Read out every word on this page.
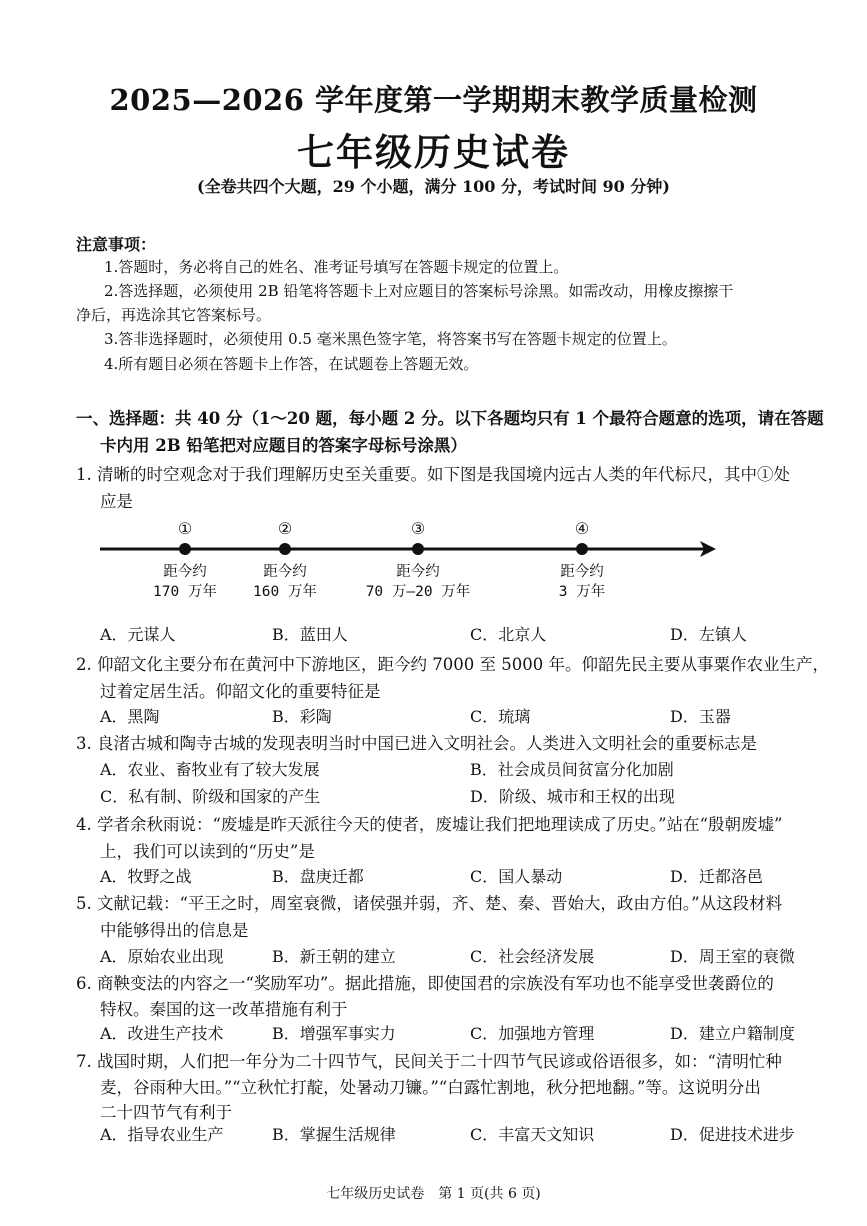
2025—2026 学年度第一学期期末教学质量检测
七年级历史试卷
(全卷共四个大题，29 个小题，满分 100 分，考试时间 90 分钟)
注意事项：
1.答题时，务必将自己的姓名、准考证号填写在答题卡规定的位置上。
2.答选择题，必须使用 2B 铅笔将答题卡上对应题目的答案标号涂黑。如需改动，用橡皮擦擦干
净后，再选涂其它答案标号。
3.答非选择题时，必须使用 0.5 毫米黑色签字笔，将答案书写在答题卡规定的位置上。
4.所有题目必须在答题卡上作答，在试题卷上答题无效。
一、选择题：共 40 分（1～20 题，每小题 2 分。以下各题均只有 1 个最符合题意的选项，请在答题
卡内用 2B 铅笔把对应题目的答案字母标号涂黑）
1. 清晰的时空观念对于我们理解历史至关重要。如下图是我国境内远古人类的年代标尺，其中①处
应是
①	②	③	④
距今约
170 万年
距今约
160 万年
距今约
70 万—20 万年
距今约
3 万年
A．元谋人	B．蓝田人	C．北京人	D．左镇人
2. 仰韶文化主要分布在黄河中下游地区，距今约 7000 至 5000 年。仰韶先民主要从事粟作农业生产，
过着定居生活。仰韶文化的重要特征是
A．黑陶	B．彩陶	C．琉璃	D．玉器
3. 良渚古城和陶寺古城的发现表明当时中国已进入文明社会。人类进入文明社会的重要标志是
A．农业、畜牧业有了较大发展	B．社会成员间贫富分化加剧
C．私有制、阶级和国家的产生	D．阶级、城市和王权的出现
4. 学者余秋雨说：“废墟是昨天派往今天的使者，废墟让我们把地理读成了历史。”站在“殷朝废墟”
上，我们可以读到的“历史”是
A．牧野之战	B．盘庚迁都	C．国人暴动	D．迁都洛邑
5. 文献记载：“平王之时，周室衰微，诸侯强并弱，齐、楚、秦、晋始大，政由方伯。”从这段材料
中能够得出的信息是
A．原始农业出现	B．新王朝的建立	C．社会经济发展	D．周王室的衰微
6. 商鞅变法的内容之一“奖励军功”。据此措施，即使国君的宗族没有军功也不能享受世袭爵位的
特权。秦国的这一改革措施有利于
A．改进生产技术	B．增强军事实力	C．加强地方管理	D．建立户籍制度
7. 战国时期，人们把一年分为二十四节气，民间关于二十四节气民谚或俗语很多，如：“清明忙种
麦，谷雨种大田。”“立秋忙打靛，处暑动刀镰。”“白露忙割地，秋分把地翻。”等。这说明分出
二十四节气有利于
A．指导农业生产	B．掌握生活规律	C．丰富天文知识	D．促进技术进步
七年级历史试卷　第 1 页(共 6 页)
